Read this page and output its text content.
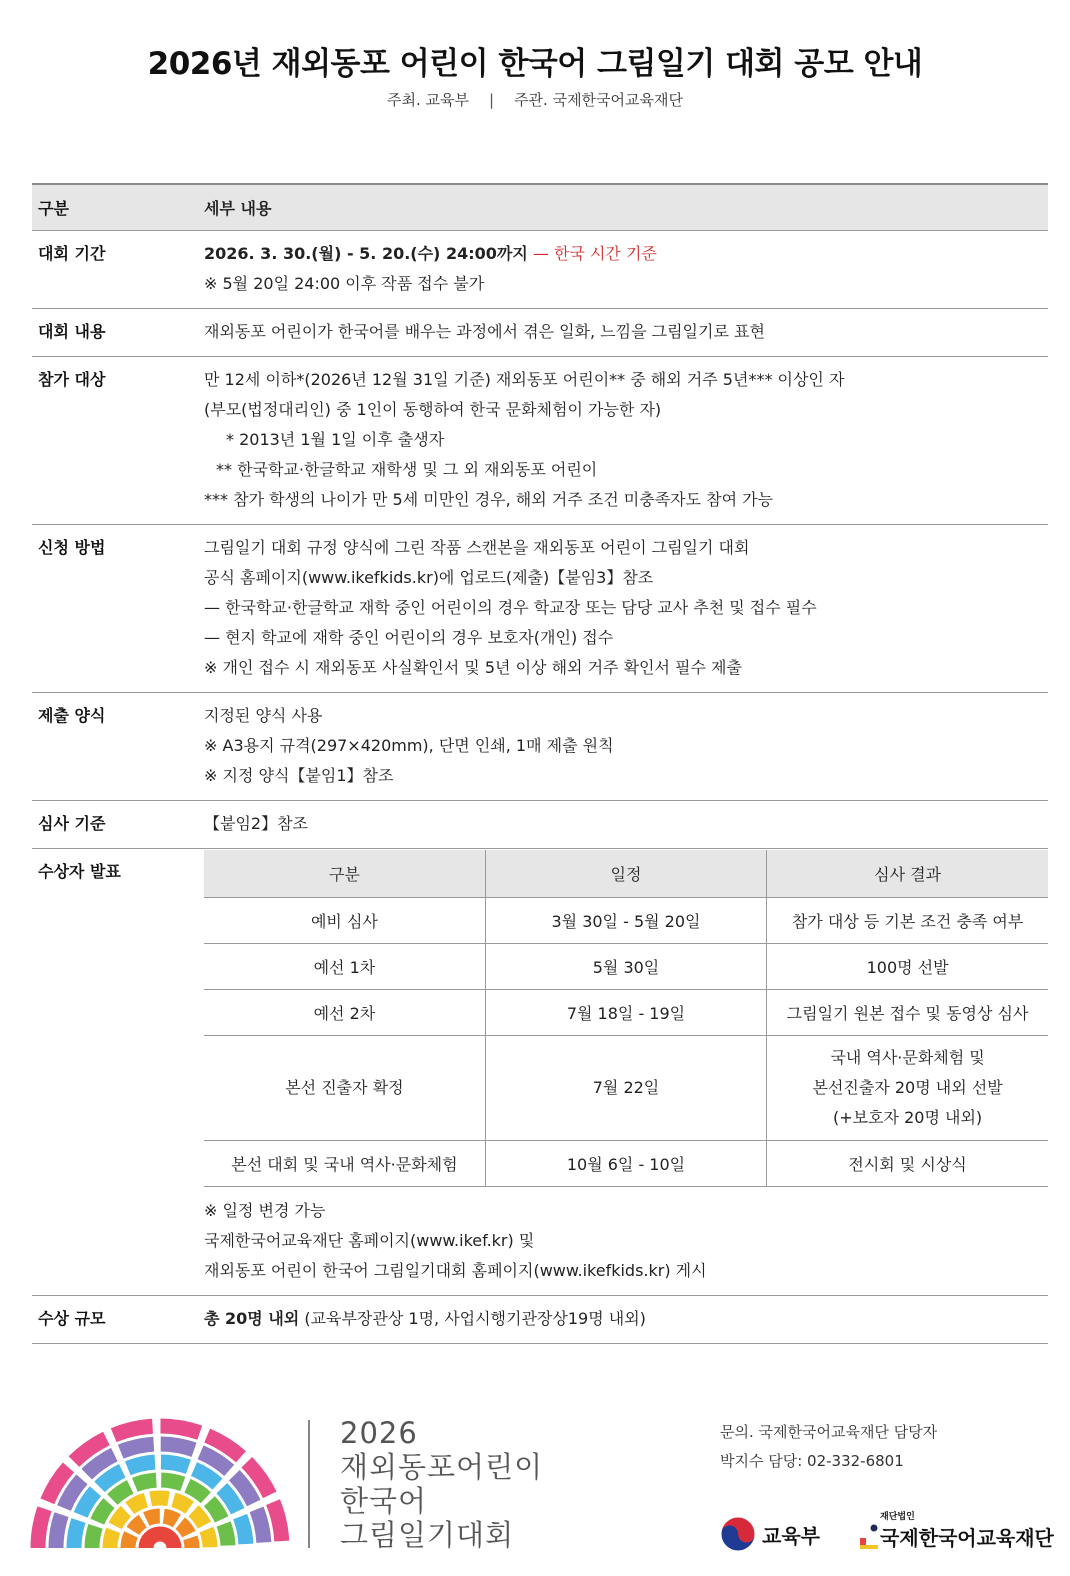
2026년 재외동포 어린이 한국어 그림일기 대회 공모 안내
주최. 교육부 | 주관. 국제한국어교육재단
구분	세부 내용
대회 기간	2026. 3. 30.(월) - 5. 20.(수) 24:00까지 — 한국 시간 기준
※ 5월 20일 24:00 이후 작품 접수 불가
대회 내용	재외동포 어린이가 한국어를 배우는 과정에서 겪은 일화, 느낌을 그림일기로 표현
참가 대상	만 12세 이하*(2026년 12월 31일 기준) 재외동포 어린이** 중 해외 거주 5년*** 이상인 자
(부모(법정대리인) 중 1인이 동행하여 한국 문화체험이 가능한 자)
* 2013년 1월 1일 이후 출생자
** 한국학교·한글학교 재학생 및 그 외 재외동포 어린이
*** 참가 학생의 나이가 만 5세 미만인 경우, 해외 거주 조건 미충족자도 참여 가능
신청 방법	그림일기 대회 규정 양식에 그린 작품 스캔본을 재외동포 어린이 그림일기 대회
공식 홈페이지(www.ikefkids.kr)에 업로드(제출)【붙임3】참조
— 한국학교·한글학교 재학 중인 어린이의 경우 학교장 또는 담당 교사 추천 및 접수 필수
— 현지 학교에 재학 중인 어린이의 경우 보호자(개인) 접수
※ 개인 접수 시 재외동포 사실확인서 및 5년 이상 해외 거주 확인서 필수 제출
제출 양식	지정된 양식 사용
※ A3용지 규격(297×420mm), 단면 인쇄, 1매 제출 원칙
※ 지정 양식【붙임1】참조
심사 기준	【붙임2】참조
수상자 발표	구분	일정	심사 결과
예비 심사	3월 30일 - 5월 20일	참가 대상 등 기본 조건 충족 여부
예선 1차	5월 30일	100명 선발
예선 2차	7월 18일 - 19일	그림일기 원본 접수 및 동영상 심사
본선 진출자 확정	7월 22일	국내 역사·문화체험 및
본선진출자 20명 내외 선발
(+보호자 20명 내외)

본선 대회 및 국내 역사·문화체험	10월 6일 - 10일	전시회 및 시상식
※ 일정 변경 가능
국제한국어교육재단 홈페이지(www.ikef.kr) 및
재외동포 어린이 한국어 그림일기대회 홈페이지(www.ikefkids.kr) 게시
수상 규모	총 20명 내외 (교육부장관상 1명, 사업시행기관장상19명 내외)
2026
재외동포어린이
한국어
그림일기대회
문의. 국제한국어교육재단 담당자
박지수 담당: 02-332-6801
교육부
재단법인
국제한국어교육재단
